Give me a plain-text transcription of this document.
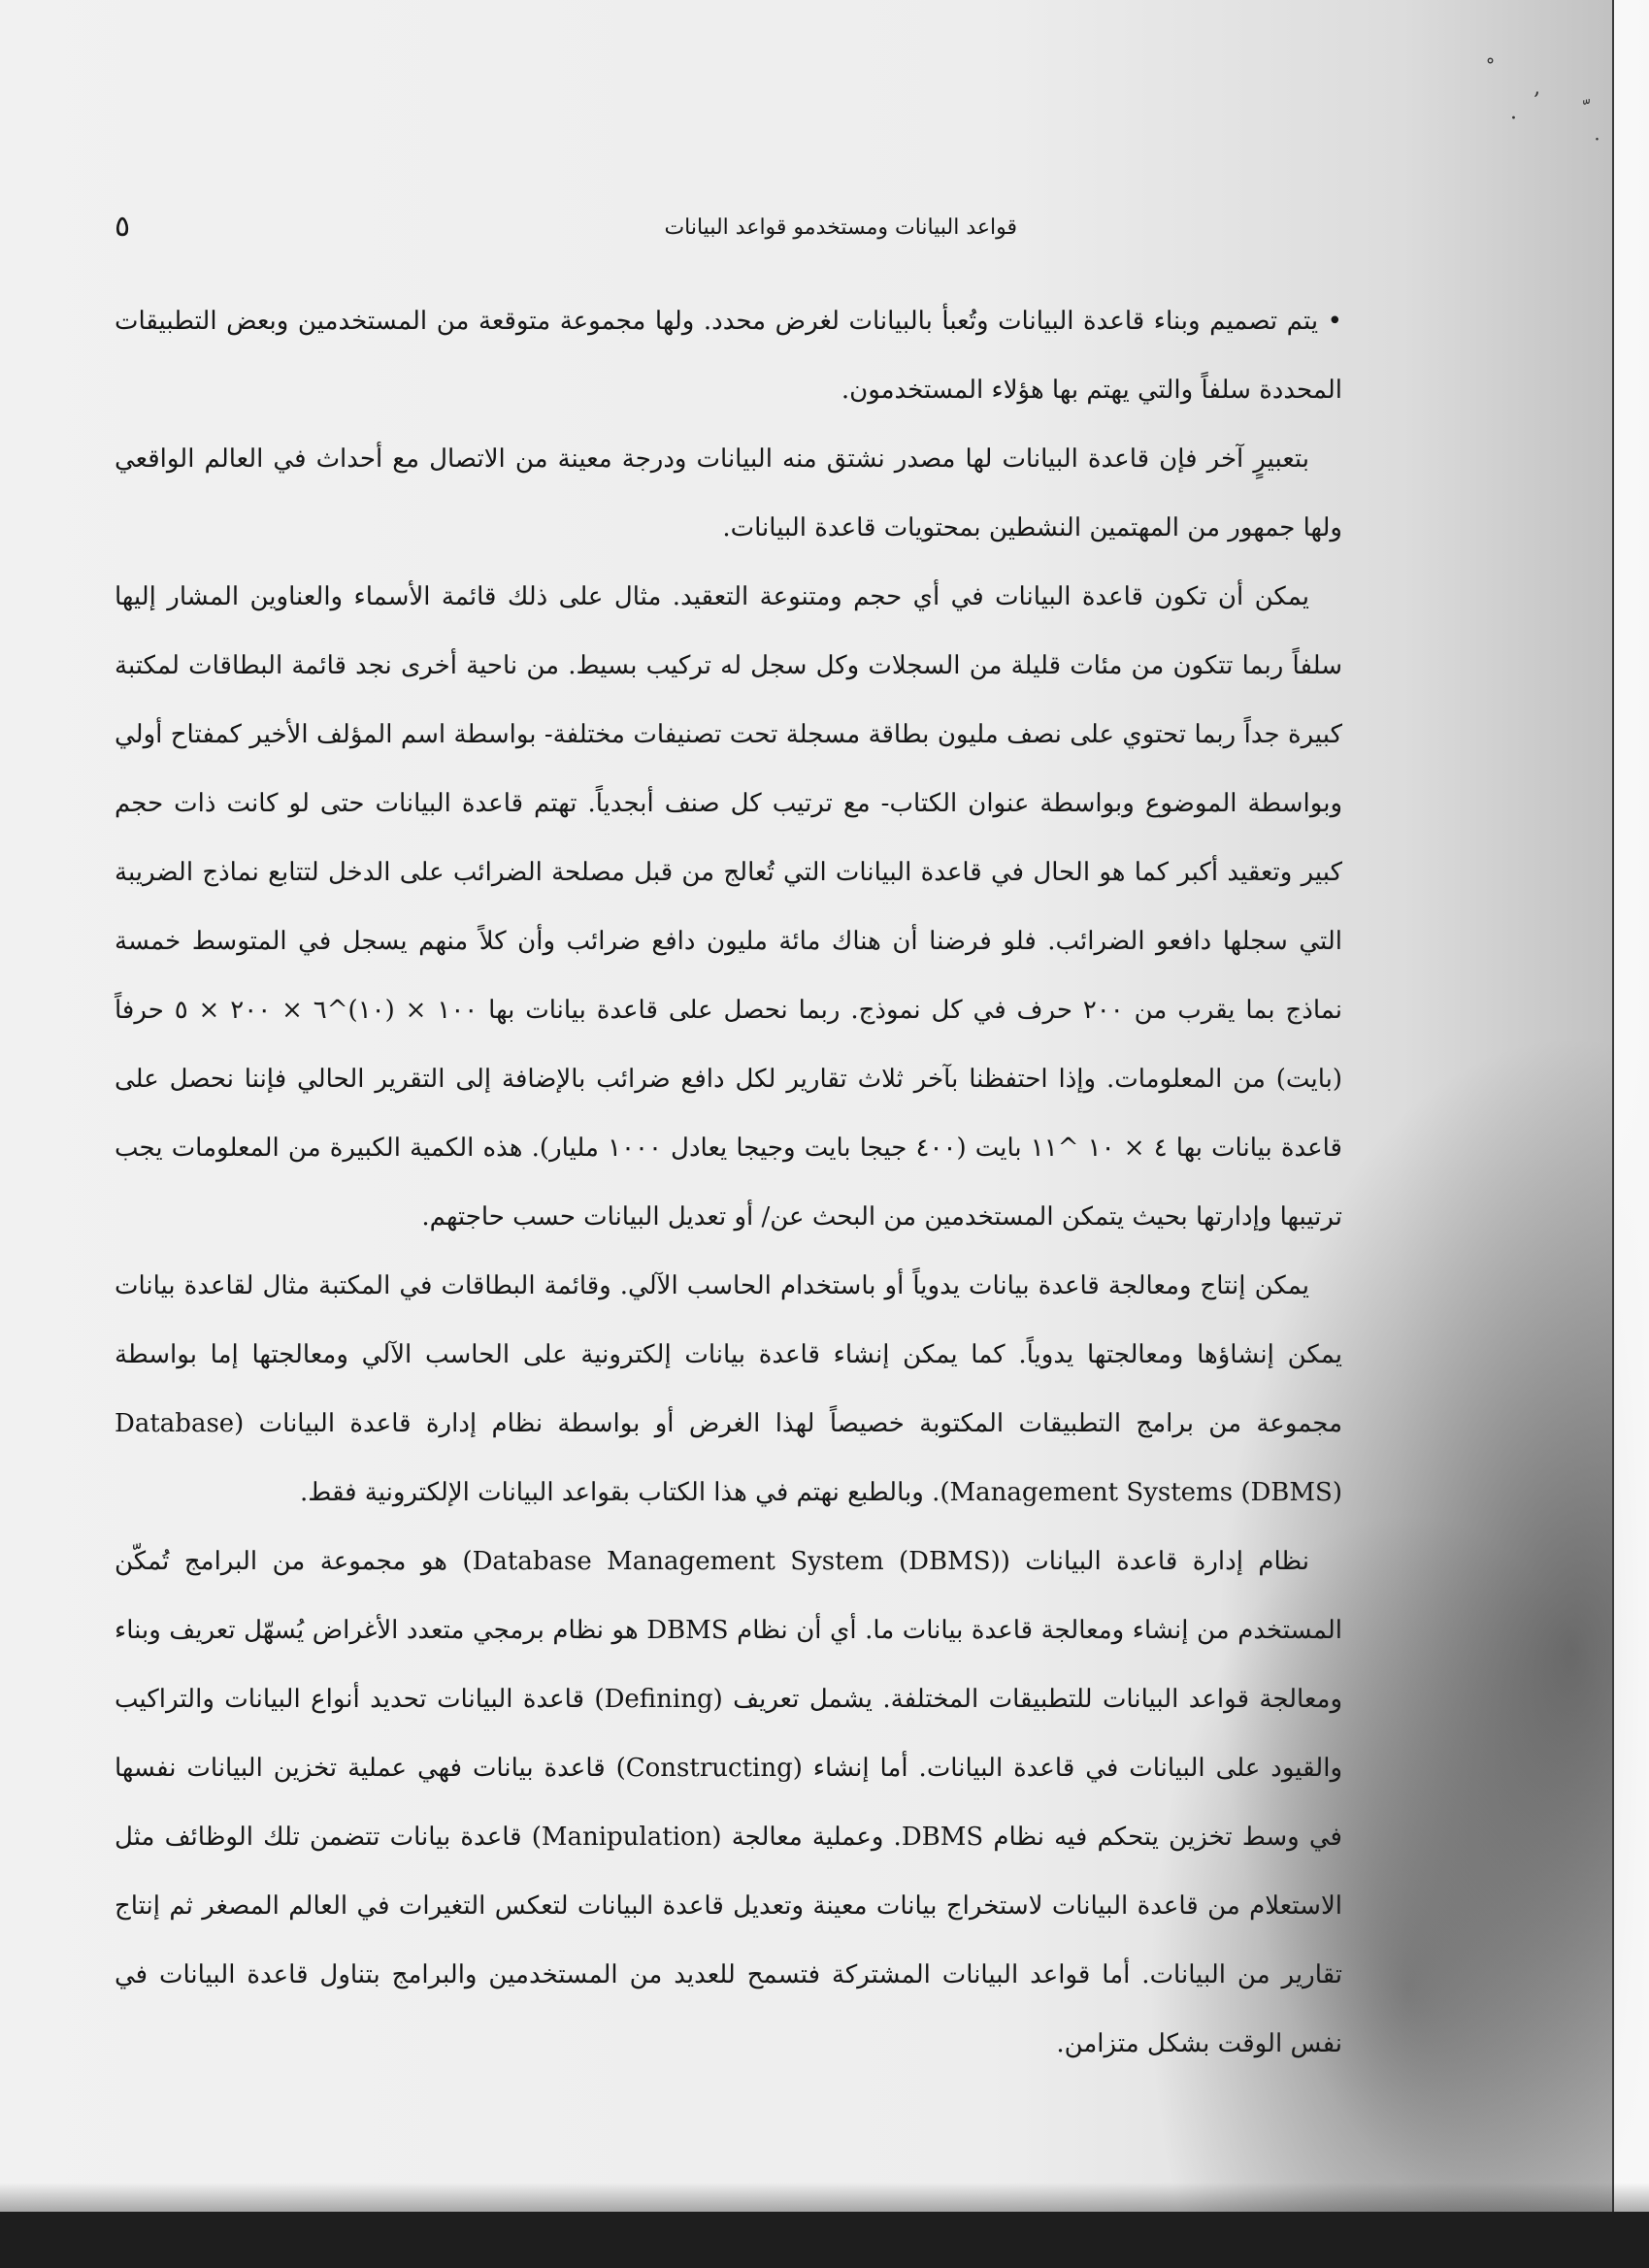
˚
‚
·
˙
قواعد البيانات ومستخدمو قواعد البيانات
٥

• يتم تصميم وبناء قاعدة البيانات وتُعبأ بالبيانات لغرض محدد. ولها مجموعة متوقعة من المستخدمين وبعض التطبيقات المحددة سلفاً والتي يهتم بها هؤلاء المستخدمون.

بتعبيرٍ آخر فإن قاعدة البيانات لها مصدر نشتق منه البيانات ودرجة معينة من الاتصال مع أحداث في العالم الواقعي ولها جمهور من المهتمين النشطين بمحتويات قاعدة البيانات.

يمكن أن تكون قاعدة البيانات في أي حجم ومتنوعة التعقيد. مثال على ذلك قائمة الأسماء والعناوين المشار إليها سلفاً ربما تتكون من مئات قليلة من السجلات وكل سجل له تركيب بسيط. من ناحية أخرى نجد قائمة البطاقات لمكتبة كبيرة جداً ربما تحتوي على نصف مليون بطاقة مسجلة تحت تصنيفات مختلفة- بواسطة اسم المؤلف الأخير كمفتاح أولي وبواسطة الموضوع وبواسطة عنوان الكتاب- مع ترتيب كل صنف أبجدياً. تهتم قاعدة البيانات حتى لو كانت ذات حجم كبير وتعقيد أكبر كما هو الحال في قاعدة البيانات التي تُعالج من قبل مصلحة الضرائب على الدخل لتتابع نماذج الضريبة التي سجلها دافعو الضرائب. فلو فرضنا أن هناك مائة مليون دافع ضرائب وأن كلاً منهم يسجل في المتوسط خمسة نماذج بما يقرب من ٢٠٠ حرف في كل نموذج. ربما نحصل على قاعدة بيانات بها ١٠٠ × (١٠)^٦ × ٢٠٠ × ٥ حرفاً (بايت) من المعلومات. وإذا احتفظنا بآخر ثلاث تقارير لكل دافع ضرائب بالإضافة إلى التقرير الحالي فإننا نحصل على قاعدة بيانات بها ٤ × ١٠ ^١١ بايت (٤٠٠ جيجا بايت وجيجا يعادل ١٠٠٠ مليار). هذه الكمية الكبيرة من المعلومات يجب ترتيبها وإدارتها بحيث يتمكن المستخدمين من البحث عن/ أو تعديل البيانات حسب حاجتهم.

يمكن إنتاج ومعالجة قاعدة بيانات يدوياً أو باستخدام الحاسب الآلي. وقائمة البطاقات في المكتبة مثال لقاعدة بيانات يمكن إنشاؤها ومعالجتها يدوياً. كما يمكن إنشاء قاعدة بيانات إلكترونية على الحاسب الآلي ومعالجتها إما بواسطة مجموعة من برامج التطبيقات المكتوبة خصيصاً لهذا الغرض أو بواسطة نظام إدارة قاعدة البيانات (Database Management Systems (DBMS)). وبالطبع نهتم في هذا الكتاب بقواعد البيانات الإلكترونية فقط.

نظام إدارة قاعدة البيانات (Database Management System (DBMS)) هو مجموعة من البرامج تُمكّن المستخدم من إنشاء ومعالجة قاعدة بيانات ما. أي أن نظام DBMS هو نظام برمجي متعدد الأغراض يُسهّل تعريف وبناء ومعالجة قواعد البيانات للتطبيقات المختلفة. يشمل تعريف (Defining) قاعدة البيانات تحديد أنواع البيانات والتراكيب والقيود على البيانات في قاعدة البيانات. أما إنشاء (Constructing) قاعدة بيانات فهي عملية تخزين البيانات نفسها في وسط تخزين يتحكم فيه نظام DBMS. وعملية معالجة (Manipulation) قاعدة بيانات تتضمن تلك الوظائف مثل الاستعلام من قاعدة البيانات لاستخراج بيانات معينة وتعديل قاعدة البيانات لتعكس التغيرات في العالم المصغر ثم إنتاج تقارير من البيانات. أما قواعد البيانات المشتركة فتسمح للعديد من المستخدمين والبرامج بتناول قاعدة البيانات في نفس الوقت بشكل متزامن.
